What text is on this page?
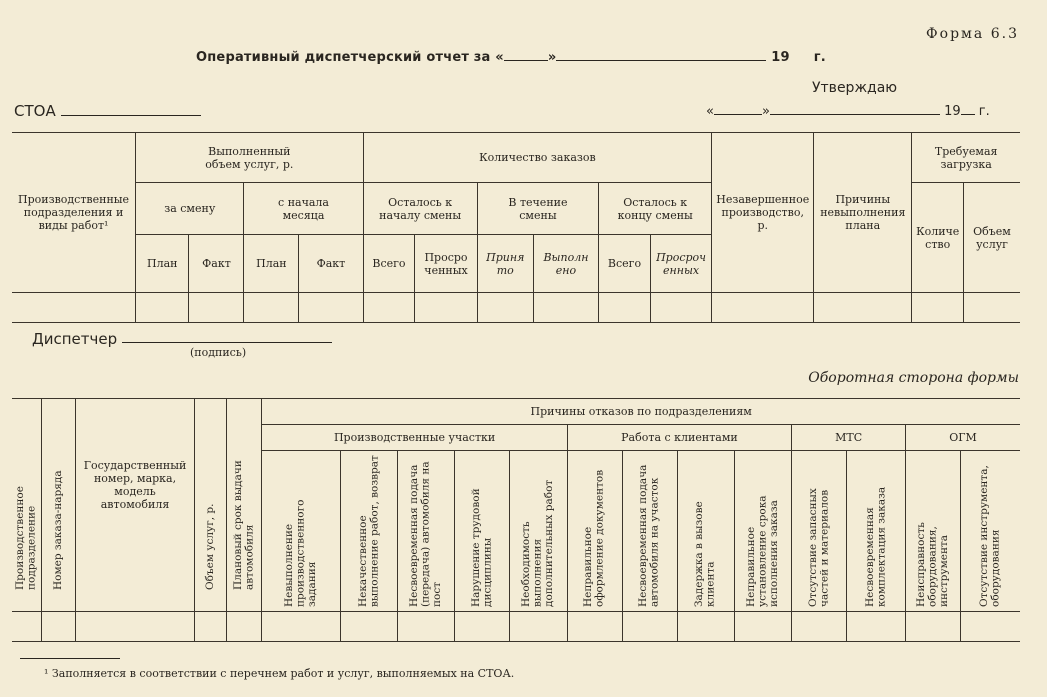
Форма 6.3
Оперативный диспетчерский отчет за «	»	19 г.
Утверждаю
СТОА	«	»	19 г.
Производственные подразделения и виды работ¹	Выполненный объем услуг, р.				Количество заказов						Незавершенное производство, р.	Причины невыполнения плана	Требуемая загрузка	
	за смену		с начала месяца		Осталось к началу смены		В течение смены		Осталось к концу смены				Количество	Объем услуг
	План	Факт	План	Факт	Всего	Просроченных	Принято	Выполнено	Всего	Просроченных				

Диспетчер
(подпись)
Оборотная сторона формы
Производственное подразделение	Номер заказа-наряда	Государственный номер, марка, модель автомобиля	Объем услуг, р.	Плановый срок выдачи автомобиля	Причины отказов по подразделениям												
					Производственные участки					Работа с клиентами				МТС		ОГМ	

					Невыполнение производственного задания	Некачественное выполнение работ, возврат	Несвоевременная подача (передача) автомобиля на пост	Нарушение трудовой дисциплины	Необходимость выполнения дополнительных работ	Неправильное оформление документов	Несвоевременная подача автомобиля на участок	Задержка в вызове клиента	Неправильное установление срока исполнения заказа	Отсутствие запасных частей и материалов	Несвоевременная комплектация заказа	Неисправность оборудования, инструмента	Отсутствие инструмента, оборудования

¹ Заполняется в соответствии с перечнем работ и услуг, выполняемых на СТОА.
